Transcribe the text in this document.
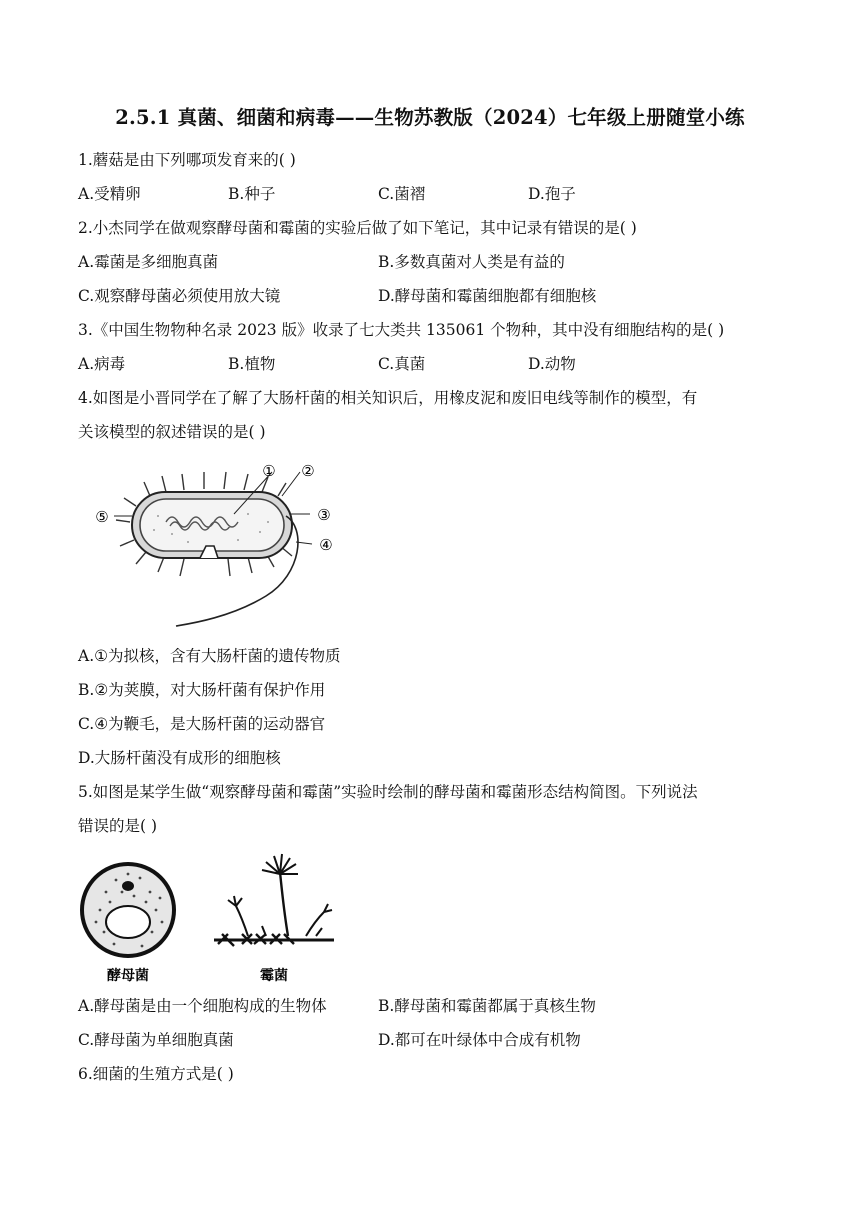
2.5.1 真菌、细菌和病毒——生物苏教版（2024）七年级上册随堂小练
1.蘑菇是由下列哪项发育来的( )
A.受精卵	B.种子	C.菌褶	D.孢子
2.小杰同学在做观察酵母菌和霉菌的实验后做了如下笔记，其中记录有错误的是( )
A.霉菌是多细胞真菌	B.多数真菌对人类是有益的
C.观察酵母菌必须使用放大镜	D.酵母菌和霉菌细胞都有细胞核
3.《中国生物物种名录 2023 版》收录了七大类共 135061 个物种，其中没有细胞结构的是( )
A.病毒	B.植物	C.真菌	D.动物
4.如图是小晋同学在了解了大肠杆菌的相关知识后，用橡皮泥和废旧电线等制作的模型，有
关该模型的叙述错误的是( )
① ②
③
④
⑤
A.①为拟核，含有大肠杆菌的遗传物质
B.②为荚膜，对大肠杆菌有保护作用
C.④为鞭毛，是大肠杆菌的运动器官
D.大肠杆菌没有成形的细胞核
5.如图是某学生做“观察酵母菌和霉菌”实验时绘制的酵母菌和霉菌形态结构简图。下列说法
错误的是( )
酵母菌	霉菌
A.酵母菌是由一个细胞构成的生物体	B.酵母菌和霉菌都属于真核生物
C.酵母菌为单细胞真菌	D.都可在叶绿体中合成有机物
6.细菌的生殖方式是( )
